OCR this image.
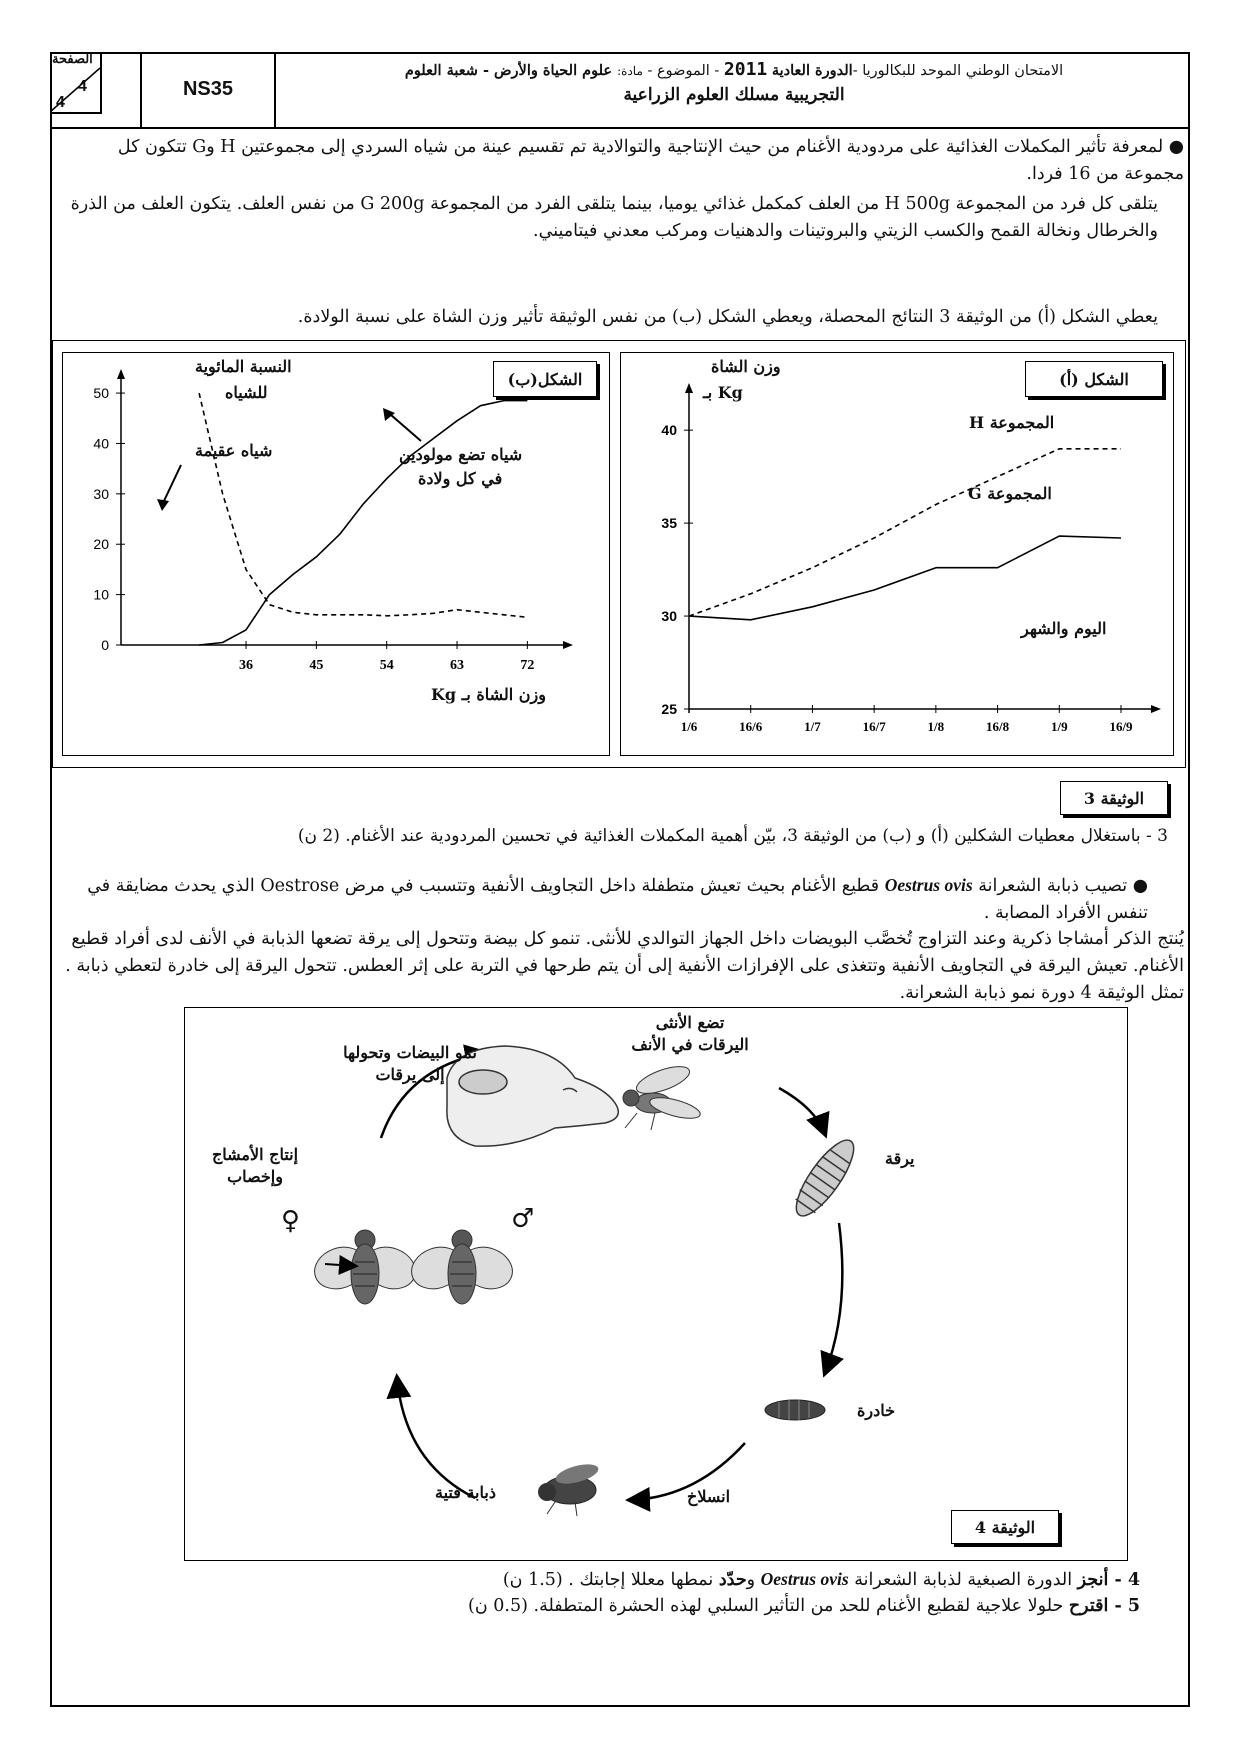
الامتحان الوطني الموحد للبكالوريا -الدورة العادية 2011 - الموضوع - مادة: علوم الحياة والأرض - شعبة العلوم
التجريبية مسلك العلوم الزراعية
NS35
الصفحة
4
4
● لمعرفة تأثير المكملات الغذائية على مردودية الأغنام من حيث الإنتاجية والتوالادية تم تقسيم عينة من شياه السردي إلى مجموعتين H وG تتكون كل مجموعة من 16 فردا.
يتلقى كل فرد من المجموعة H 500g من العلف كمكمل غذائي يوميا، بينما يتلقى الفرد من المجموعة G 200g من نفس العلف. يتكون العلف من الذرة والخرطال ونخالة القمح والكسب الزيتي والبروتينات والدهنيات ومركب معدني فيتاميني.
يعطي الشكل (أ) من الوثيقة 3 النتائج المحصلة، ويعطي الشكل (ب) من نفس الوثيقة تأثير وزن الشاة على نسبة الولادة.
25
30
35
40
1/6	16/6	1/7	16/7	1/8	16/8	1/9	16/9
الشكل (أ)
وزن الشاة
Kg بـ
المجموعة H
المجموعة G
اليوم والشهر
0
10
20
30
40
50
36	45	54	63	72
الشكل(ب)
النسبة المائوية
للشياه
شياه عقيمة	شياه تضع مولودين
في كل ولادة
وزن الشاة بـ Kg
الوثيقة 3
3 - باستغلال معطيات الشكلين (أ) و (ب) من الوثيقة 3، بيّن أهمية المكملات الغذائية في تحسين المردودية عند الأغنام. (2 ن)
● تصيب ذبابة الشعرانة Oestrus ovis قطيع الأغنام بحيث تعيش متطفلة داخل التجاويف الأنفية وتتسبب في مرض Oestrose الذي يحدث مضايقة في تنفس الأفراد المصابة .
يُنتج الذكر أمشاجا ذكرية وعند التزاوج تُخصَّب البويضات داخل الجهاز التوالدي للأنثى. تنمو كل بيضة وتتحول إلى يرقة تضعها الذبابة في الأنف لدى أفراد قطيع الأغنام. تعيش اليرقة في التجاويف الأنفية وتتغذى على الإفرازات الأنفية إلى أن يتم طرحها في التربة على إثر العطس. تتحول اليرقة إلى خادرة لتعطي ذبابة . تمثل الوثيقة 4 دورة نمو ذبابة الشعرانة.
تضع الأنثى
اليرقات في الأنف
نمو البيضات وتحولها
إلى يرقات
يرقة
خادرة
انسلاخ
ذبابة فتية
إنتاج الأمشاج
وإخصاب
♀	♂
الوثيقة 4
4 - أنجز الدورة الصبغية لذبابة الشعرانة Oestrus ovis وحدّد نمطها معللا إجابتك . (1.5 ن)
5 - اقترح حلولا علاجية لقطيع الأغنام للحد من التأثير السلبي لهذه الحشرة المتطفلة. (0.5 ن)
